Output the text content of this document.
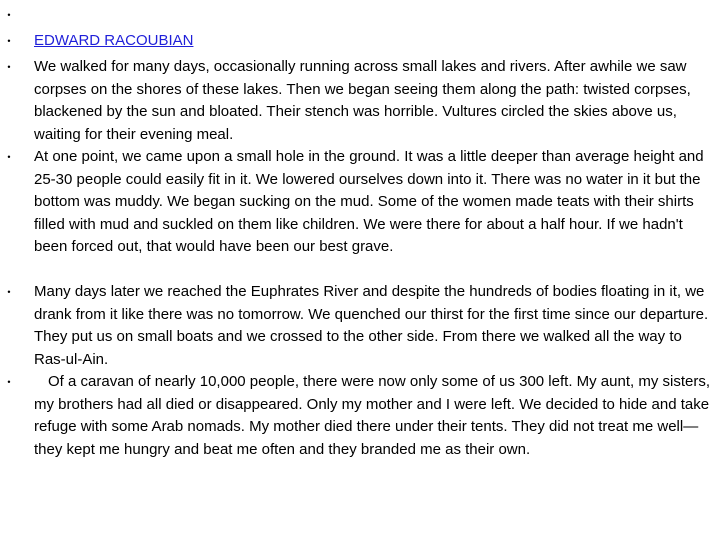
•

• EDWARD RACOUBIAN
• We walked for many days, occasionally running across small lakes and rivers. After awhile we saw corpses on the shores of these lakes. Then we began seeing them along the path: twisted corpses, blackened by the sun and bloated. Their stench was horrible. Vultures circled the skies above us, waiting for their evening meal.
• At one point, we came upon a small hole in the ground. It was a little deeper than average height and 25-30 people could easily fit in it. We lowered ourselves down into it. There was no water in it but the bottom was muddy. We began sucking on the mud. Some of the women made teats with their shirts filled with mud and suckled on them like children. We were there for about a half hour. If we hadn't been forced out, that would have been our best grave.
• Many days later we reached the Euphrates River and despite the hundreds of bodies floating in it, we drank from it like there was no tomorrow. We quenched our thirst for the first time since our departure. They put us on small boats and we crossed to the other side. From there we walked all the way to Ras-ul-Ain.
• Of a caravan of nearly 10,000 people, there were now only some of us 300 left. My aunt, my sisters, my brothers had all died or disappeared. Only my mother and I were left. We decided to hide and take refuge with some Arab nomads. My mother died there under their tents. They did not treat me well—they kept me hungry and beat me often and they branded me as their own.
